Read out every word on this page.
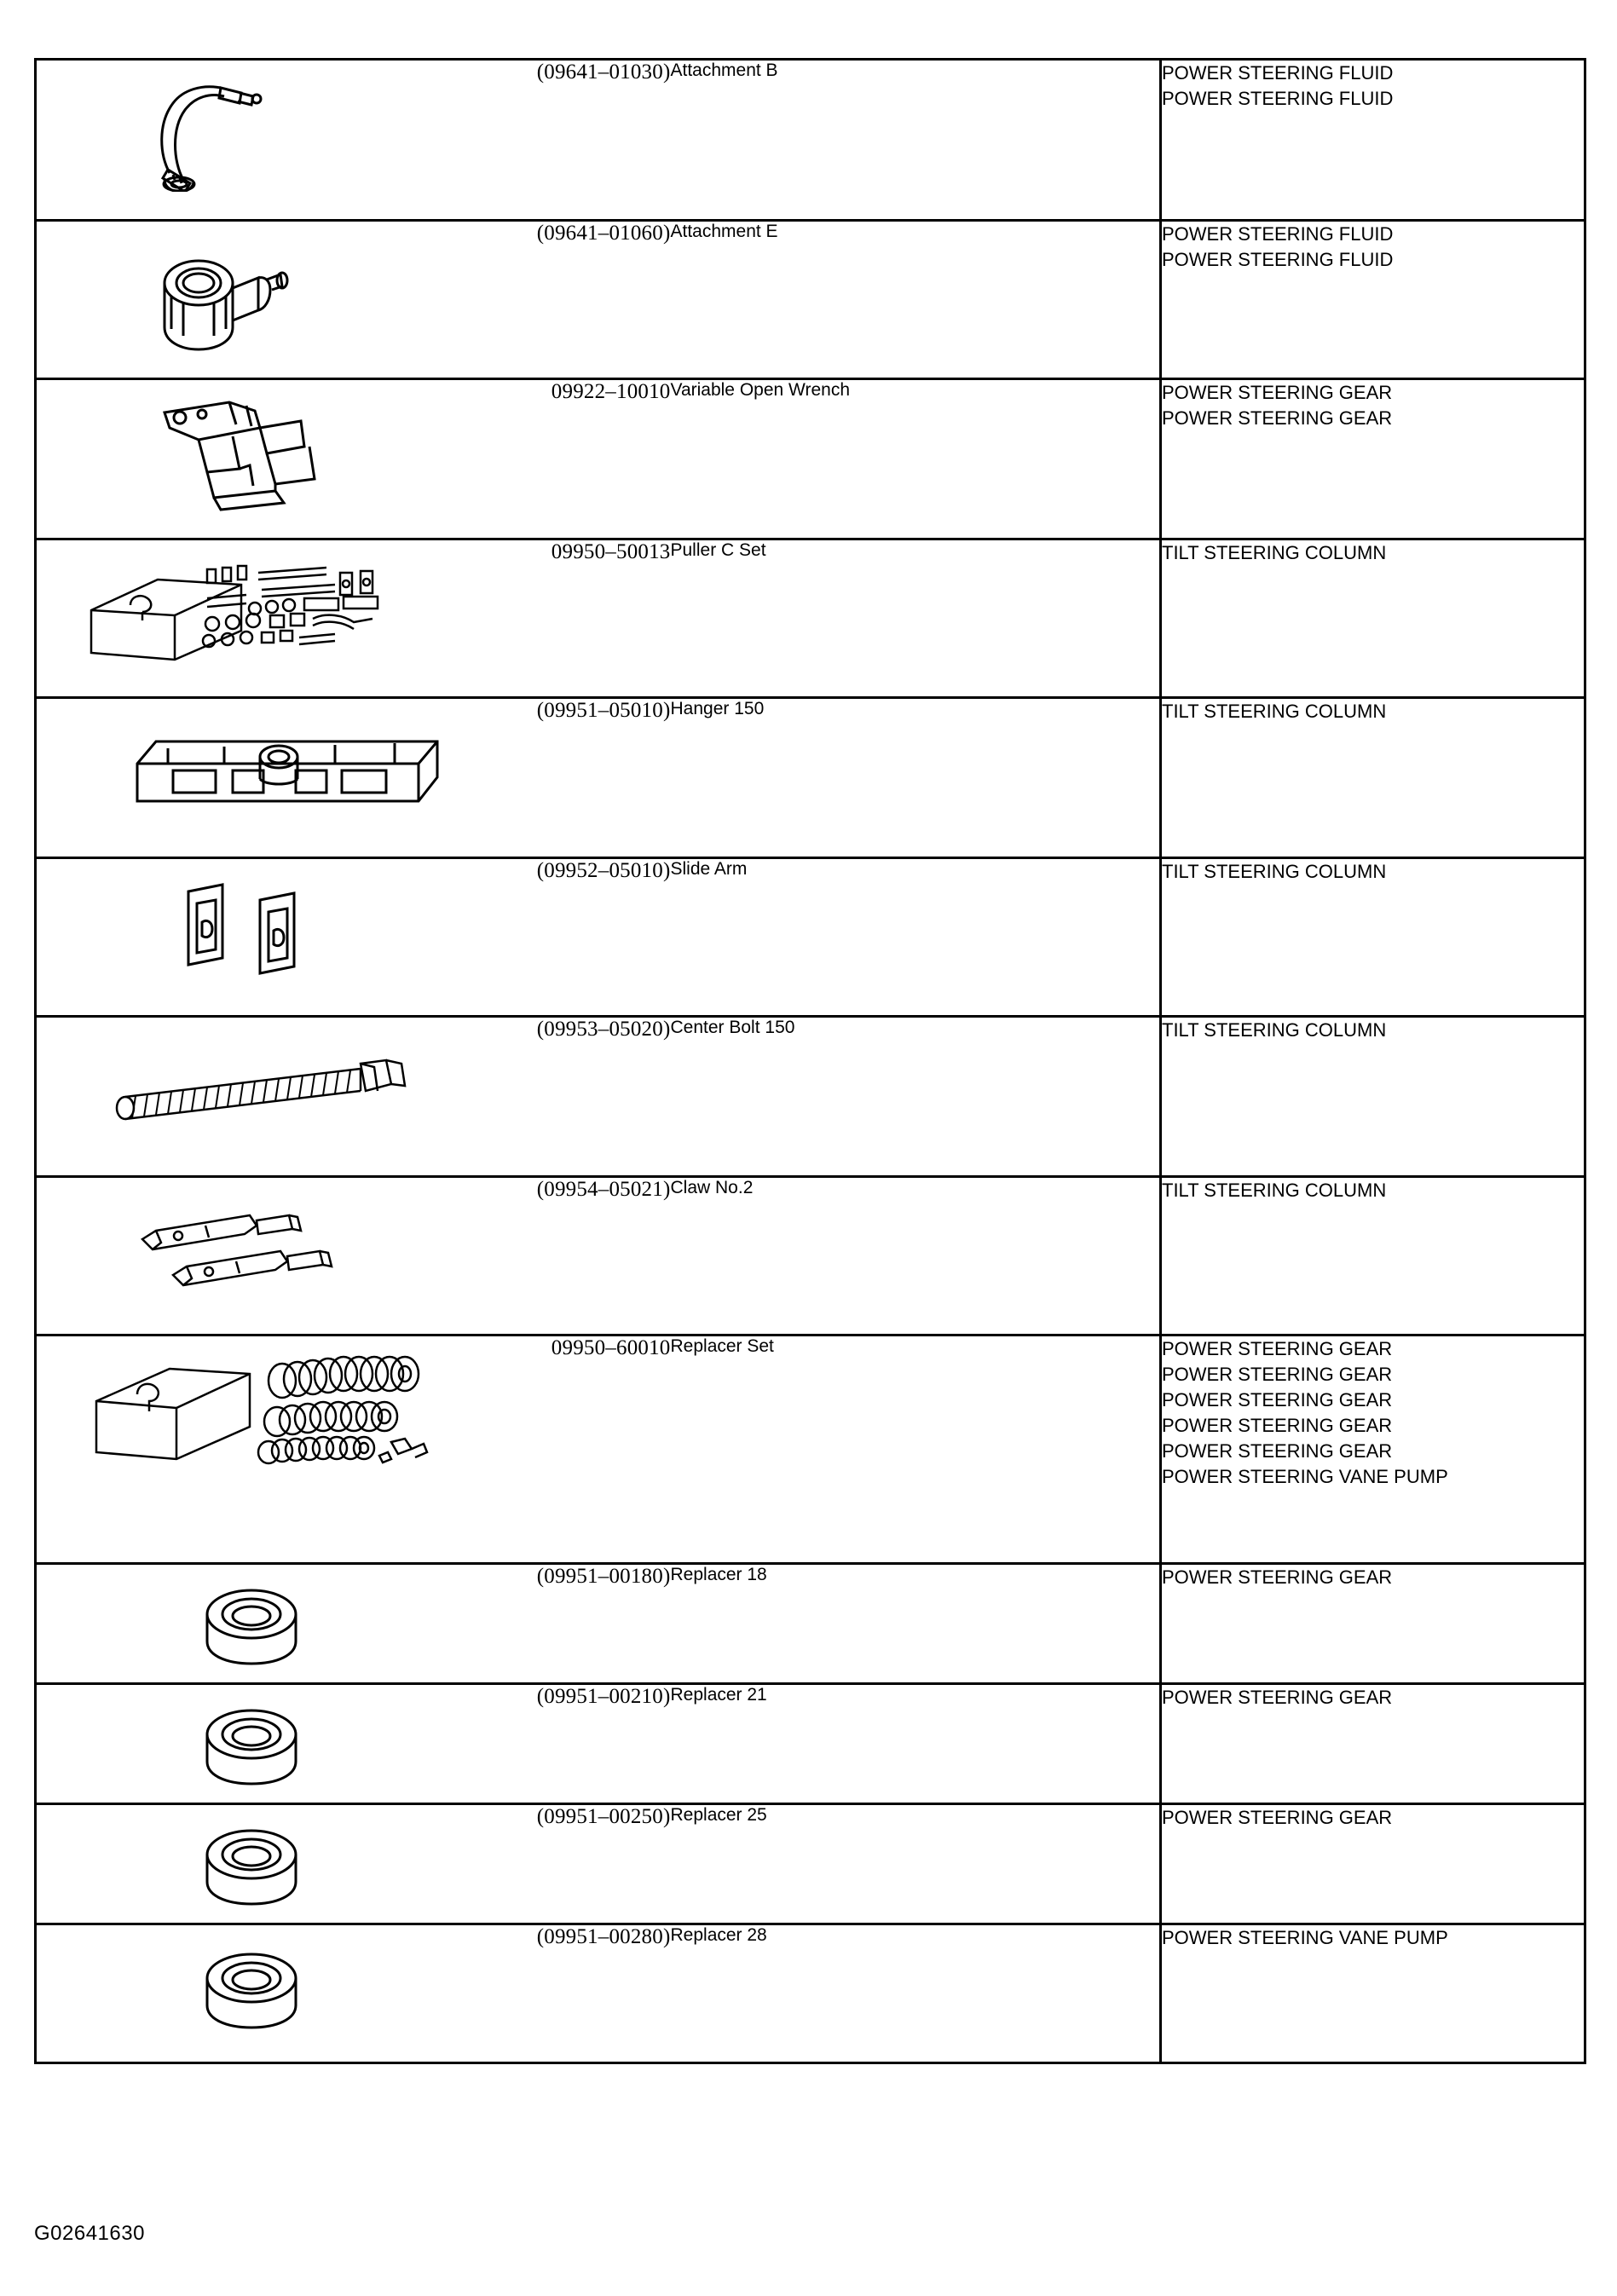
	(09641–01030)	Attachment B	POWER STEERING FLUID
POWER STEERING FLUID

	(09641–01060)	Attachment E	POWER STEERING FLUID
POWER STEERING FLUID

	09922–10010	Variable Open Wrench	POWER STEERING GEAR
POWER STEERING GEAR

	09950–50013	Puller C Set	TILT STEERING COLUMN

	(09951–05010)	Hanger 150	TILT STEERING COLUMN

	(09952–05010)	Slide Arm	TILT STEERING COLUMN

	(09953–05020)	Center Bolt 150	TILT STEERING COLUMN

	(09954–05021)	Claw No.2	TILT STEERING COLUMN

	09950–60010	Replacer Set	POWER STEERING GEAR
POWER STEERING GEAR
POWER STEERING GEAR
POWER STEERING GEAR
POWER STEERING GEAR
POWER STEERING VANE PUMP

	(09951–00180)	Replacer 18	POWER STEERING GEAR

	(09951–00210)	Replacer 21	POWER STEERING GEAR

	(09951–00250)	Replacer 25	POWER STEERING GEAR

	(09951–00280)	Replacer 28	POWER STEERING VANE PUMP
G02641630
